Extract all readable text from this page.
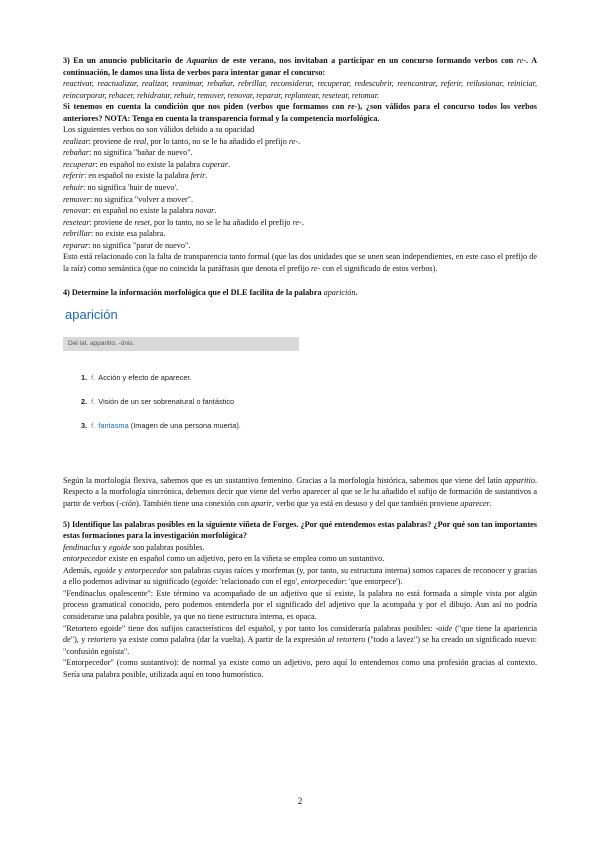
3) En un anuncio publicitario de Aquarius de este verano, nos invitaban a participar en un concurso formando verbos con re-. A continuación, le damos una lista de verbos para intentar ganar el concurso:

reactivar, reactualizar, realizar, reanimar, rebañar, rebrillar, reconsiderar, recuperar, redescubrir, reencontrar, referir, reilusionar, reiniciar, reincorporar, rehacer, rehidratar, rehuir, remover, renovar, reparar, replantear, resetear, retomar.

Si tenemos en cuenta la condición que nos piden (verbos que formamos con re-), ¿son válidos para el concurso todos los verbos anteriores? NOTA: Tenga en cuenta la transparencia formal y la competencia morfológica.

Los siguientes verbos no son válidos debido a su opacidad

realizar: proviene de real, por lo tanto, no se le ha añadido el prefijo re-.

rebañar: no significa "bañar de nuevo".

recuperar: en español no existe la palabra cuperar.

referir: en español no existe la palabra ferir.

rehuir: no significa 'huir de nuevo'.

remover: no significa "volver a mover".

renovar: en español no existe la palabra novar.

resetear: proviene de reset, por lo tanto, no se le ha añadido el prefijo re-.

rebrillar: no existe esa palabra.

reparar: no significa "parar de nuevo".

Esto está relacionado con la falta de transparencia tanto formal (que las dos unidades que se unen sean independientes, en este caso el prefijo de la raíz) como semántica (que no coincida la paráfrasis que denota el prefijo re- con el significado de estos verbos).

4) Determine la información morfológica que el DLE facilita de la palabra aparición.

aparición
Del lat. apparitio, -ōnis.
1. f. Acción y efecto de aparecer.
2. f. Visión de un ser sobrenatural o fantástico
3. f. fantasma (Imagen de una persona muerta).

Según la morfología flexiva, sabemos que es un sustantivo femenino. Gracias a la morfología histórica, sabemos que viene del latín apparitio. Respecto a la morfología sincrónica, debemos decir que viene del verbo aparecer al que se le ha añadido el sufijo de formación de sustantivos a partir de verbos (-ción). También tiene una conexión con aparir, verbo que ya está en desuso y del que también proviene aparecer.

5) Identifique las palabras posibles en la siguiente viñeta de Forges. ¿Por qué entendemos estas palabras? ¿Por qué son tan importantes estas formaciones para la investigación morfológica?

fendinaclus y egoide son palabras posibles.

entorpecedor existe en español como un adjetivo, pero en la viñeta se emplea como un sustantivo.

Además, egoide y entorpecedor son palabras cuyas raíces y morfemas (y, por tanto, su estructura interna) somos capaces de reconocer y gracias a ello podemos adivinar su significado (egoide: 'relacionado con el ego', entorpecedor: 'que entorpece').

"Fendinaclus opalescente": Este término va acompañado de un adjetivo que sí existe, la palabra no está formada a simple vista por algún proceso gramatical conocido, pero podemos entenderla por el significado del adjetivo que la acompaña y por el dibujo. Aun así no podría considerarse una palabra posible, ya que no tiene estructura interna, es opaca.

"Retortero egoide" tiene dos sufijos característicos del español, y por tanto los consideraría palabras posibles: -oide ("que tiene la apariencia de"), y retortero ya existe como palabra (dar la vuelta). A partir de la expresión al retortero ("todo a lavez") se ha creado un significado nuevo: "confusión egoísta".

"Entorpecedor" (como sustantivo): de normal ya existe como un adjetivo, pero aquí lo entendemos como una profesión gracias al contexto. Sería una palabra posible, utilizada aquí en tono humorístico.

2
